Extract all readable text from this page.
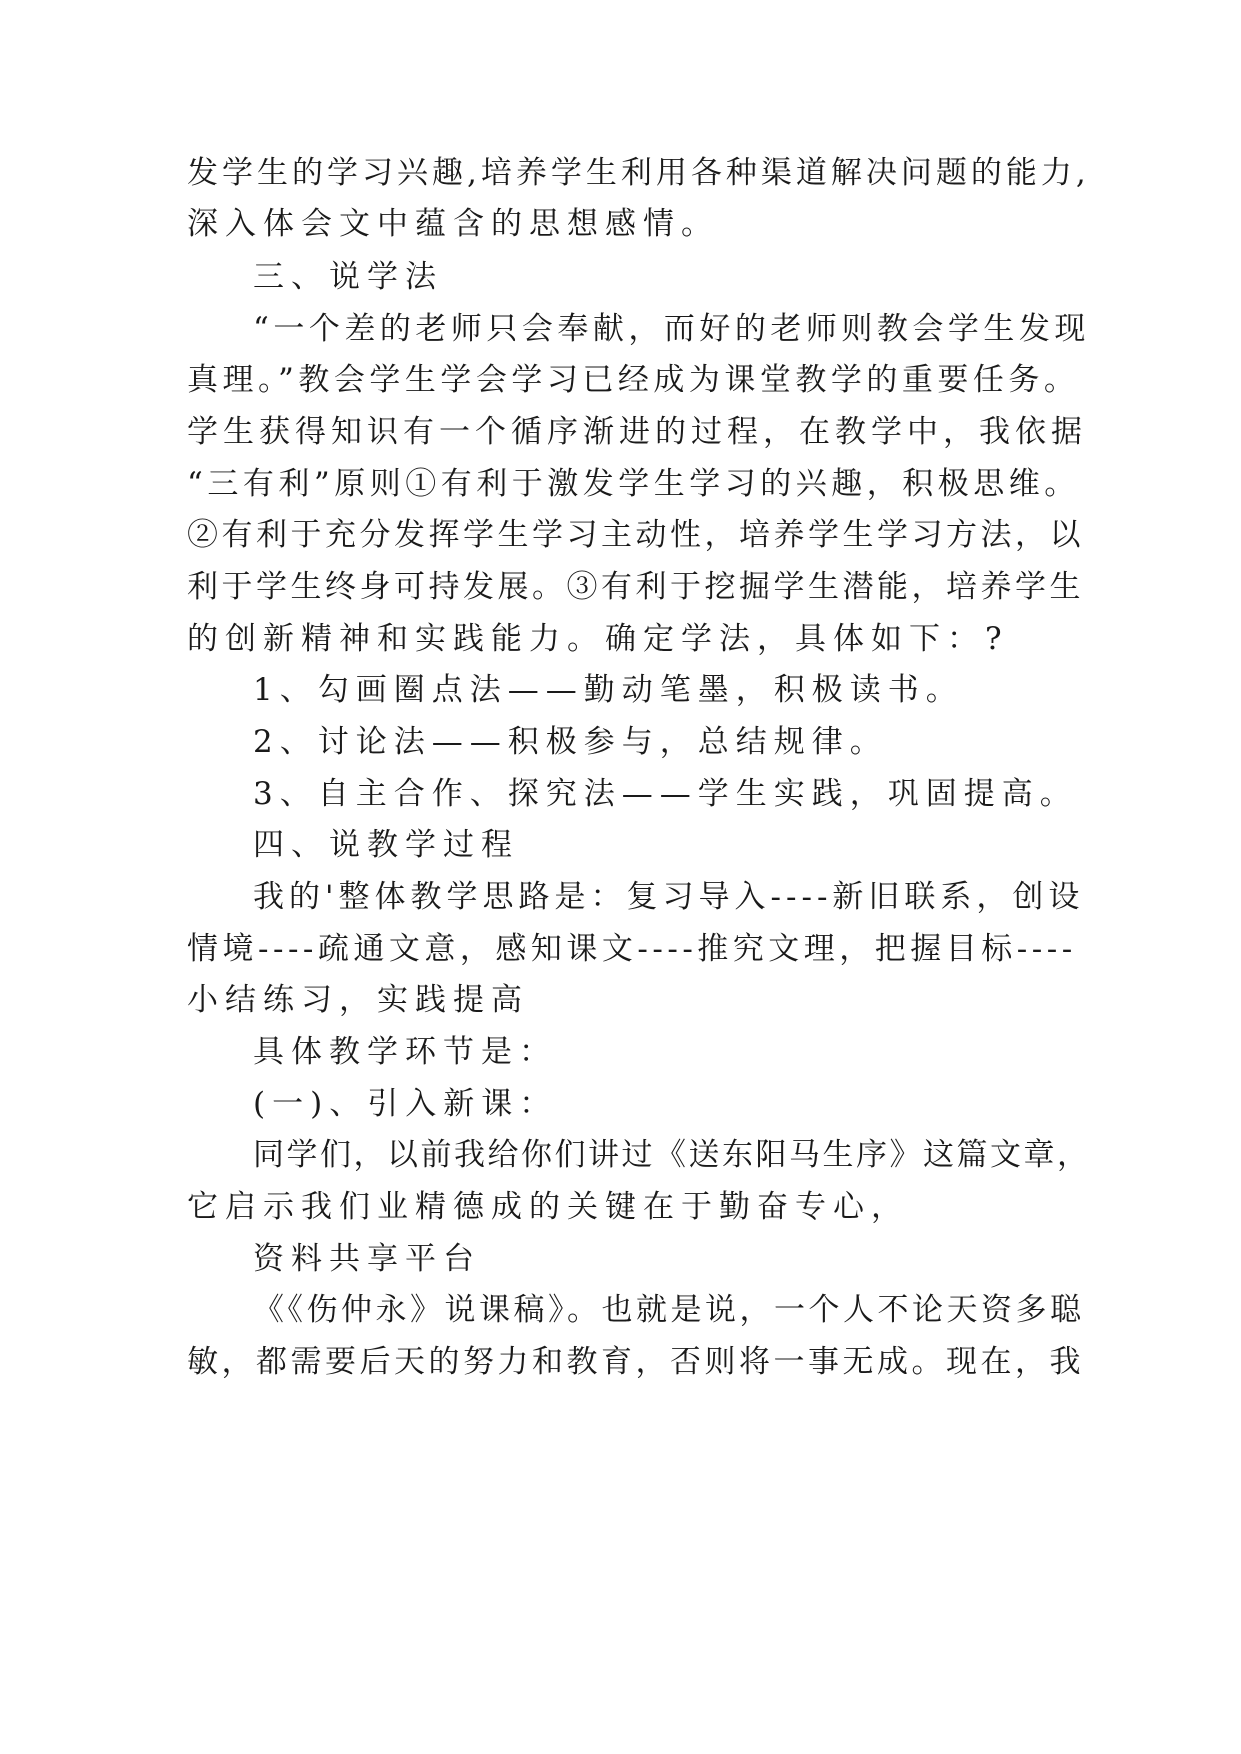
发学生的学习兴趣,培养学生利用各种渠道解决问题的能力,

深入体会文中蕴含的思想感情。

三、说学法

“一个差的老师只会奉献，而好的老师则教会学生发现

真理。”教会学生学会学习已经成为课堂教学的重要任务。

学生获得知识有一个循序渐进的过程，在教学中，我依据

“三有利”原则①有利于激发学生学习的兴趣，积极思维。

②有利于充分发挥学生学习主动性，培养学生学习方法，以

利于学生终身可持发展。③有利于挖掘学生潜能，培养学生

的创新精神和实践能力。确定学法，具体如下：?

1、勾画圈点法——勤动笔墨，积极读书。

2、讨论法——积极参与，总结规律。

3、自主合作、探究法——学生实践，巩固提高。

四、说教学过程

我的'整体教学思路是：复习导入----新旧联系，创设

情境----疏通文意，感知课文----推究文理，把握目标----

小结练习，实践提高

具体教学环节是：

(一)、引入新课：

同学们，以前我给你们讲过《送东阳马生序》这篇文章，

它启示我们业精德成的关键在于勤奋专心，

资料共享平台

《《伤仲永》说课稿》。也就是说，一个人不论天资多聪

敏，都需要后天的努力和教育，否则将一事无成。现在，我
